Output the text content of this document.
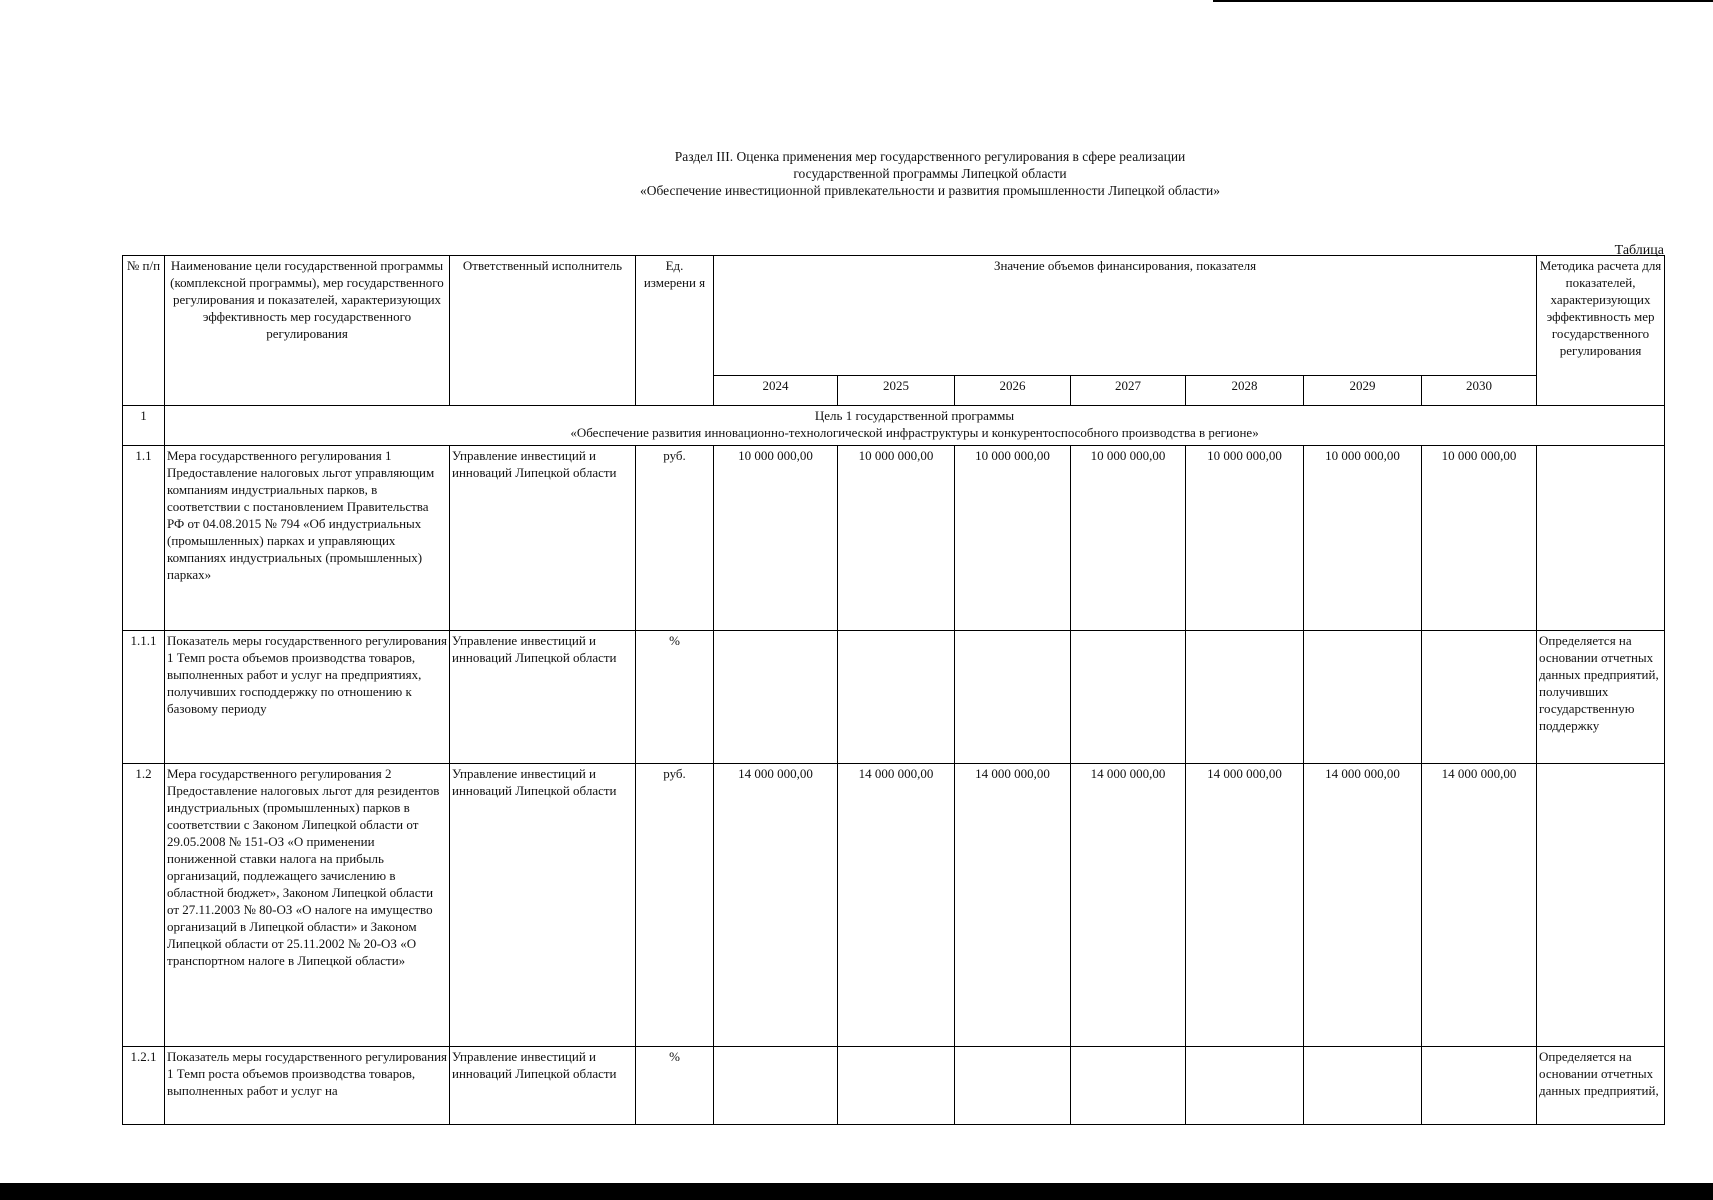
Раздел III. Оценка применения мер государственного регулирования в сфере реализации
государственной программы Липецкой области
«Обеспечение инвестиционной привлекательности и развития промышленности Липецкой области»
Таблица
№ п/п	Наименование цели государственной программы (комплексной программы), мер государственного регулирования и показателей, характеризующих эффективность мер государственного регулирования	Ответственный исполнитель	Ед. измерени я	Значение объемов финансирования, показателя							Методика расчета для показателей, характеризующих эффективность мер государственного регулирования
				2024	2025	2026	2027	2028	2029	2030	
1	Цель 1 государственной программы
«Обеспечение развития инновационно-технологической инфраструктуры и конкурентоспособного производства в регионе»										

1.1	Мера государственного регулирования 1 Предоставление налоговых льгот управляющим компаниям индустриальных парков, в соответствии с постановлением Правительства РФ от 04.08.2015 № 794 «Об индустриальных (промышленных) парках и управляющих компаниях индустриальных (промышленных) парках»	Управление инвестиций и инноваций Липецкой области	руб.	10 000 000,00	10 000 000,00	10 000 000,00	10 000 000,00	10 000 000,00	10 000 000,00	10 000 000,00	
1.1.1	Показатель меры государственного регулирования 1 Темп роста объемов производства товаров, выполненных работ и услуг на предприятиях, получивших господдержку по отношению к базовому периоду	Управление инвестиций и инноваций Липецкой области	%								Определяется на основании отчетных данных предприятий, получивших государственную поддержку
1.2	Мера государственного регулирования 2 Предоставление налоговых льгот для резидентов индустриальных (промышленных) парков в соответствии с Законом Липецкой области от 29.05.2008 № 151-ОЗ «О применении пониженной ставки налога на прибыль организаций, подлежащего зачислению в областной бюджет», Законом Липецкой области от 27.11.2003 № 80-ОЗ «О налоге на имущество организаций в Липецкой области» и Законом Липецкой области от 25.11.2002 № 20-ОЗ «О транспортном налоге в Липецкой области»	Управление инвестиций и инноваций Липецкой области	руб.	14 000 000,00	14 000 000,00	14 000 000,00	14 000 000,00	14 000 000,00	14 000 000,00	14 000 000,00	
1.2.1	Показатель меры государственного регулирования 1 Темп роста объемов производства товаров, выполненных работ и услуг на	Управление инвестиций и инноваций Липецкой области	%								Определяется на основании отчетных данных предприятий,
